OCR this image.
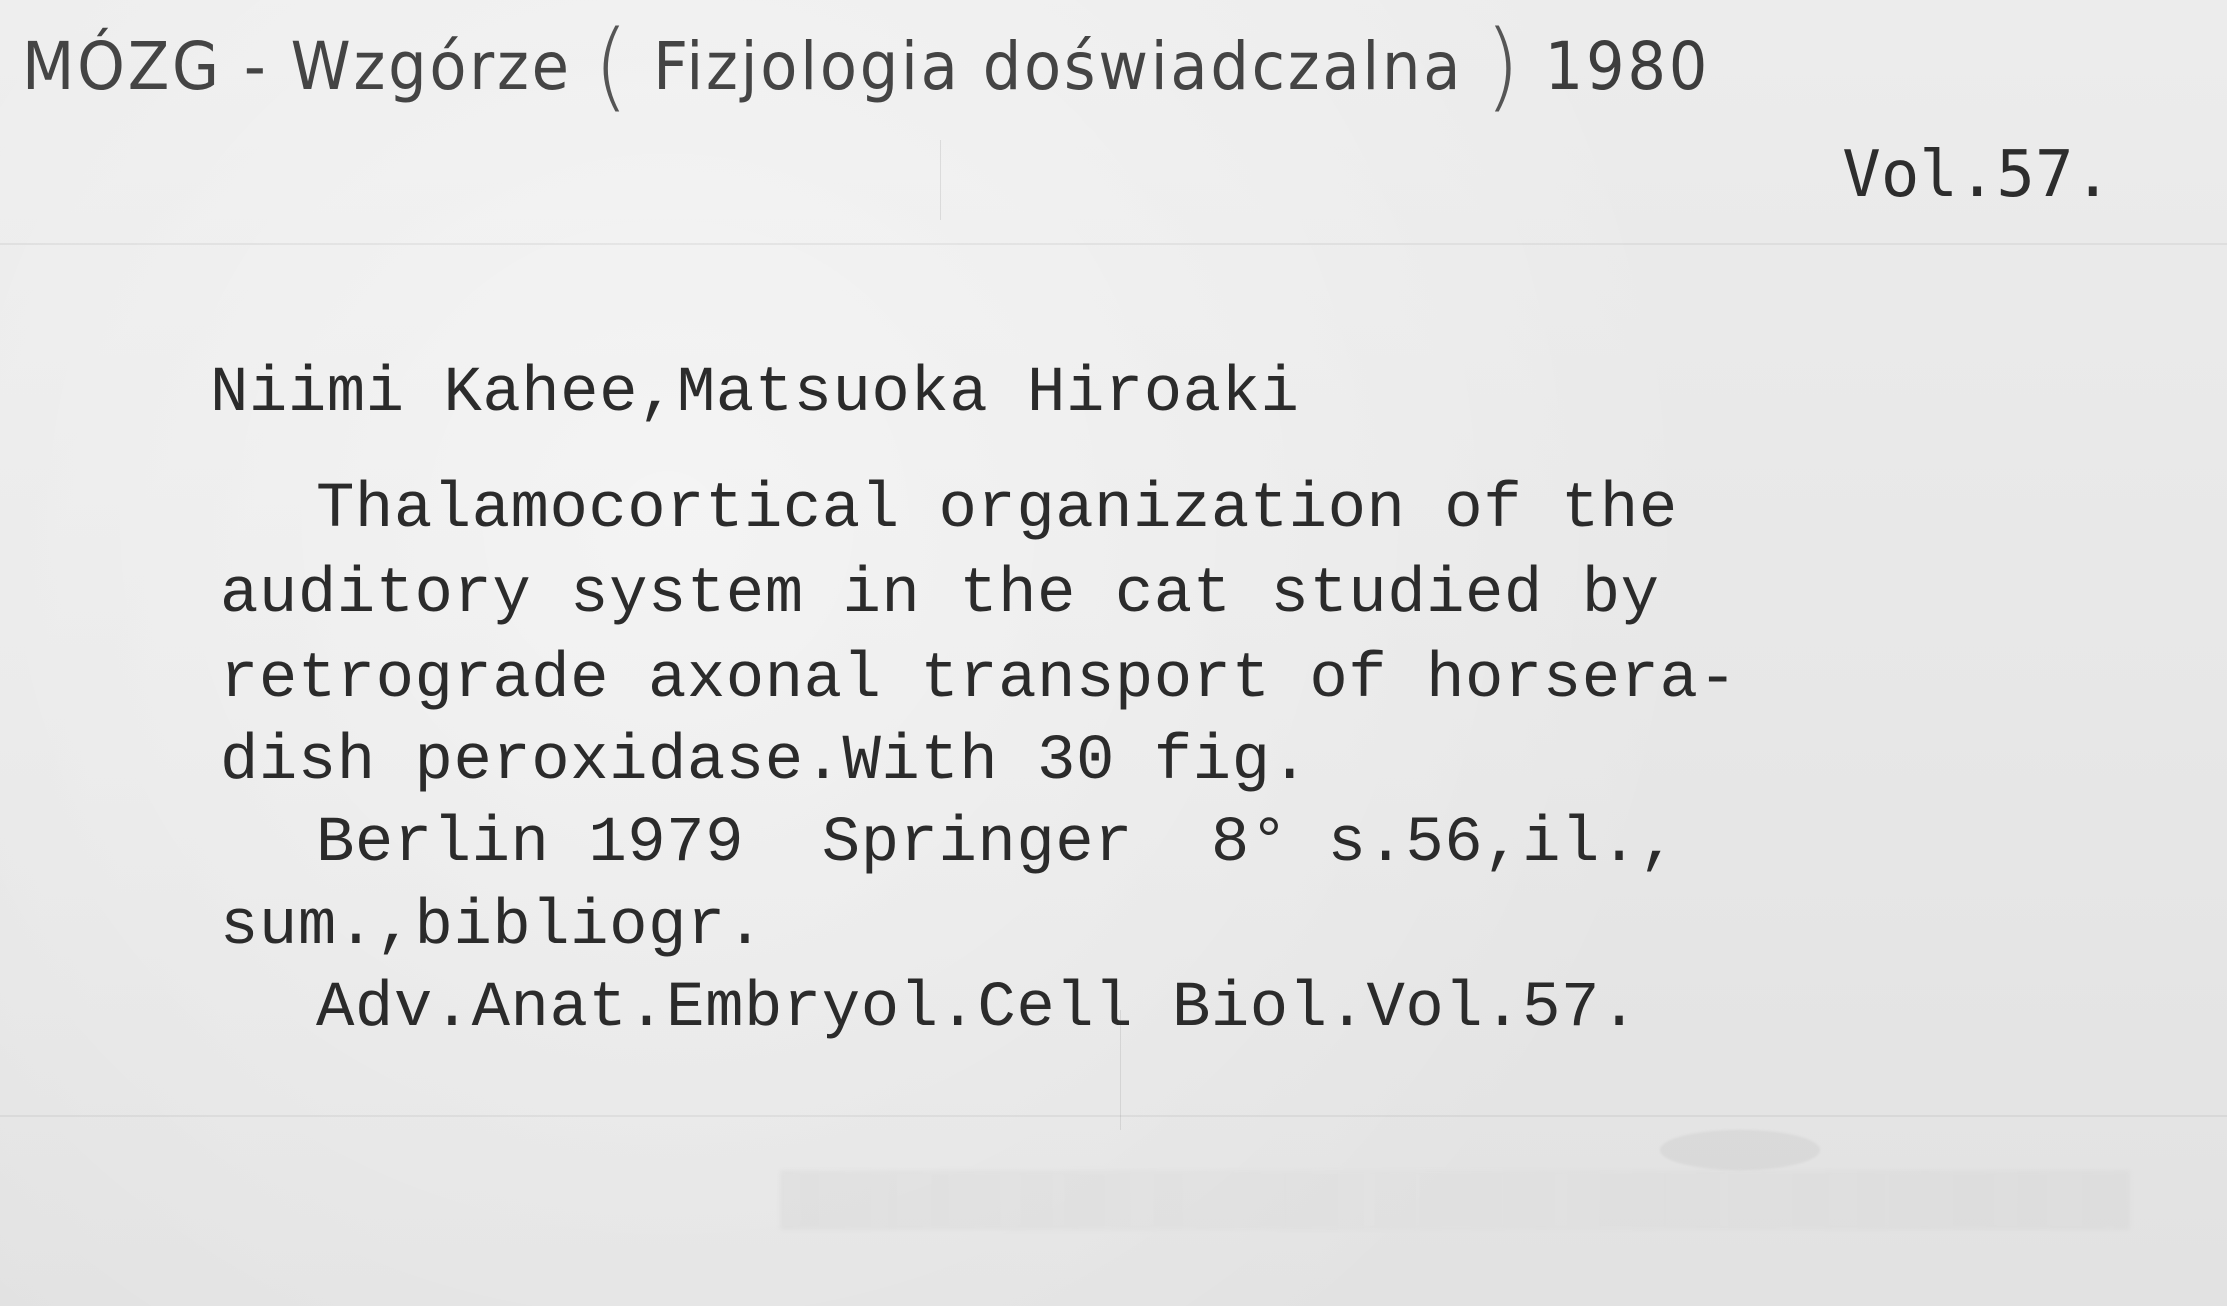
MÓZG - Wzgórze ( Fizjologia doświadczalna ) 1980
Vol.57.
Niimi Kahee,Matsuoka Hiroaki
Thalamocortical organization of the
auditory system in the cat studied by
retrograde axonal transport of horsera-
dish peroxidase.With 30 fig.
Berlin 1979  Springer  8° s.56,il.,
sum.,bibliogr.
Adv.Anat.Embryol.Cell Biol.Vol.57.
